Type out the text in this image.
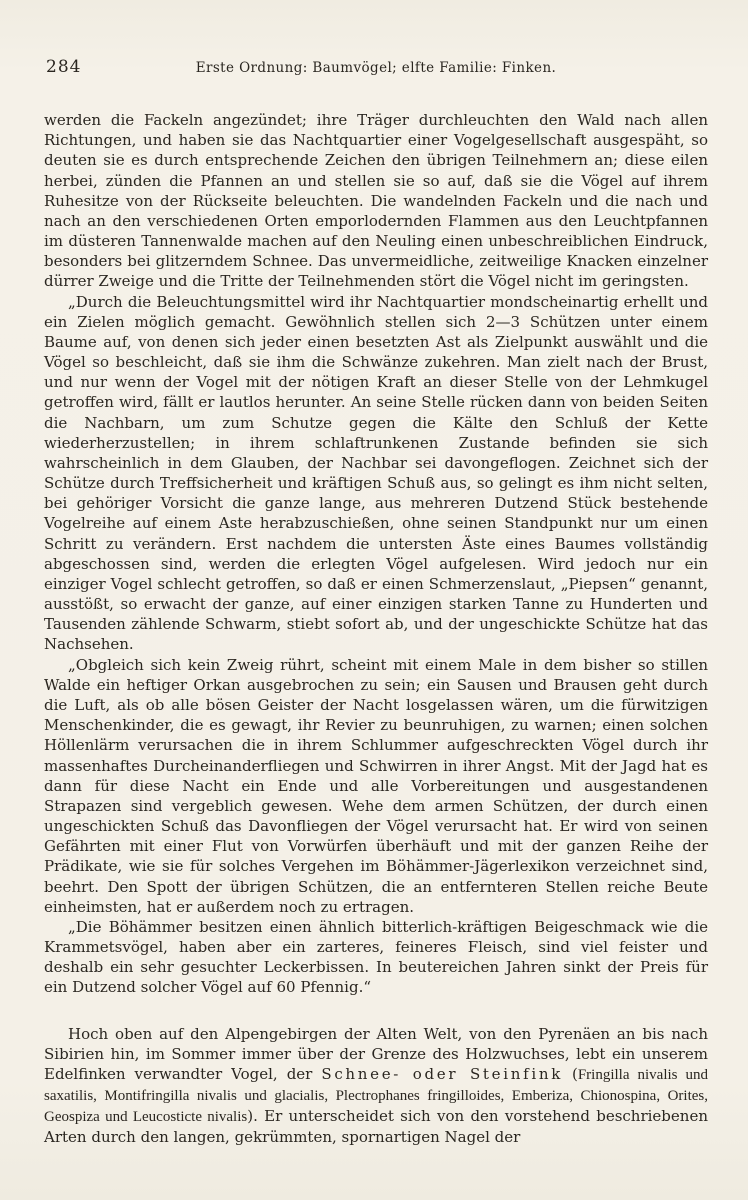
284	Erste Ordnung: Baumvögel; elfte Familie: Finken.

werden die Fackeln angezündet; ihre Träger durchleuchten den Wald nach allen Richtungen, und haben sie das Nachtquartier einer Vogelgesellschaft ausgespäht, so deuten sie es durch entsprechende Zeichen den übrigen Teilnehmern an; diese eilen herbei, zünden die Pfannen an und stellen sie so auf, daß sie die Vögel auf ihrem Ruhesitze von der Rückseite beleuchten. Die wandelnden Fackeln und die nach und nach an den verschiedenen Orten emporlodernden Flammen aus den Leuchtpfannen im düsteren Tannenwalde machen auf den Neuling einen unbeschreiblichen Eindruck, besonders bei glitzerndem Schnee. Das unvermeidliche, zeitweilige Knacken einzelner dürrer Zweige und die Tritte der Teilnehmenden stört die Vögel nicht im geringsten.

„Durch die Beleuchtungsmittel wird ihr Nachtquartier mondscheinartig erhellt und ein Zielen möglich gemacht. Gewöhnlich stellen sich 2—3 Schützen unter einem Baume auf, von denen sich jeder einen besetzten Ast als Zielpunkt auswählt und die Vögel so beschleicht, daß sie ihm die Schwänze zukehren. Man zielt nach der Brust, und nur wenn der Vogel mit der nötigen Kraft an dieser Stelle von der Lehmkugel getroffen wird, fällt er lautlos herunter. An seine Stelle rücken dann von beiden Seiten die Nachbarn, um zum Schutze gegen die Kälte den Schluß der Kette wiederherzustellen; in ihrem schlaftrunkenen Zustande befinden sie sich wahrscheinlich in dem Glauben, der Nachbar sei davongeflogen. Zeichnet sich der Schütze durch Treffsicherheit und kräftigen Schuß aus, so gelingt es ihm nicht selten, bei gehöriger Vorsicht die ganze lange, aus mehreren Dutzend Stück bestehende Vogelreihe auf einem Aste herabzuschießen, ohne seinen Standpunkt nur um einen Schritt zu verändern. Erst nachdem die untersten Äste eines Baumes vollständig abgeschossen sind, werden die erlegten Vögel aufgelesen. Wird jedoch nur ein einziger Vogel schlecht getroffen, so daß er einen Schmerzenslaut, „Piepsen“ genannt, ausstößt, so erwacht der ganze, auf einer einzigen starken Tanne zu Hunderten und Tausenden zählende Schwarm, stiebt sofort ab, und der ungeschickte Schütze hat das Nachsehen.

„Obgleich sich kein Zweig rührt, scheint mit einem Male in dem bisher so stillen Walde ein heftiger Orkan ausgebrochen zu sein; ein Sausen und Brausen geht durch die Luft, als ob alle bösen Geister der Nacht losgelassen wären, um die fürwitzigen Menschenkinder, die es gewagt, ihr Revier zu beunruhigen, zu warnen; einen solchen Höllenlärm verursachen die in ihrem Schlummer aufgeschreckten Vögel durch ihr massenhaftes Durcheinanderfliegen und Schwirren in ihrer Angst. Mit der Jagd hat es dann für diese Nacht ein Ende und alle Vorbereitungen und ausgestandenen Strapazen sind vergeblich gewesen. Wehe dem armen Schützen, der durch einen ungeschickten Schuß das Davonfliegen der Vögel verursacht hat. Er wird von seinen Gefährten mit einer Flut von Vorwürfen überhäuft und mit der ganzen Reihe der Prädikate, wie sie für solches Vergehen im Böhämmer-Jägerlexikon verzeichnet sind, beehrt. Den Spott der übrigen Schützen, die an entfernteren Stellen reiche Beute einheimsten, hat er außerdem noch zu ertragen.

„Die Böhämmer besitzen einen ähnlich bitterlich-kräftigen Beigeschmack wie die Krammetsvögel, haben aber ein zarteres, feineres Fleisch, sind viel feister und deshalb ein sehr gesuchter Leckerbissen. In beutereichen Jahren sinkt der Preis für ein Dutzend solcher Vögel auf 60 Pfennig.“

Hoch oben auf den Alpengebirgen der Alten Welt, von den Pyrenäen an bis nach Sibirien hin, im Sommer immer über der Grenze des Holzwuchses, lebt ein unserem Edelfinken verwandter Vogel, der Schnee- oder Steinfink (Fringilla nivalis und saxatilis, Montifringilla nivalis und glacialis, Plectrophanes fringilloides, Emberiza, Chionospina, Orites, Geospiza und Leucosticte nivalis). Er unterscheidet sich von den vorstehend beschriebenen Arten durch den langen, gekrümmten, spornartigen Nagel der
